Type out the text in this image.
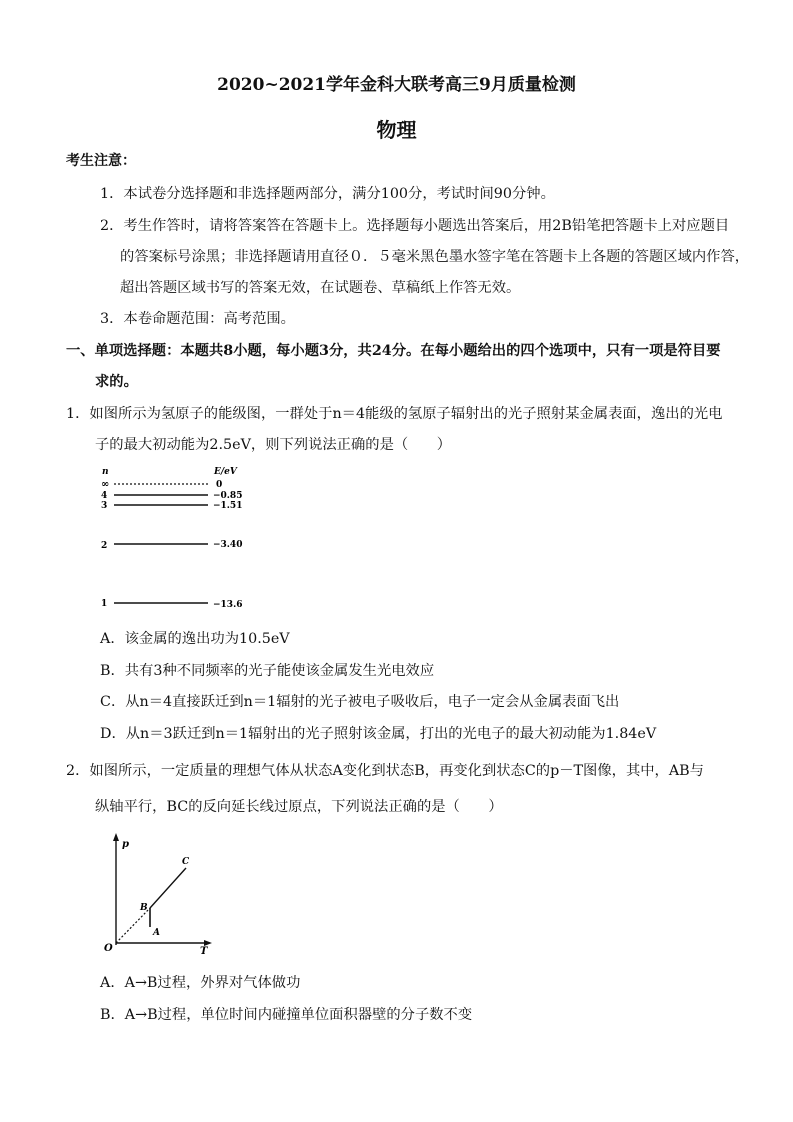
2020~2021学年金科大联考高三9月质量检测
物理
考生注意：
1．本试卷分选择题和非选择题两部分，满分100分，考试时间90分钟。
2．考生作答时，请将答案答在答题卡上。选择题每小题选出答案后，用2B铅笔把答题卡上对应题目
的答案标号涂黑；非选择题请用直径０．５毫米黑色墨水签字笔在答题卡上各题的答题区域内作答，
超出答题区域书写的答案无效，在试题卷、草稿纸上作答无效。
3．本卷命题范围：高考范围。
一、单项选择题：本题共8小题，每小题3分，共24分。在每小题给出的四个选项中，只有一项是符目要
求的。
1．如图所示为氢原子的能级图，一群处于n＝4能级的氢原子辐射出的光子照射某金属表面，逸出的光电
子的最大初动能为2.5eV，则下列说法正确的是（　　）
n	E/eV
∞	0
4	−0.85
3	−1.51
2	−3.40
1	−13.6
A．该金属的逸出功为10.5eV
B．共有3种不同频率的光子能使该金属发生光电效应
C．从n＝4直接跃迁到n＝1辐射的光子被电子吸收后，电子一定会从金属表面飞出
D．从n＝3跃迁到n＝1辐射出的光子照射该金属，打出的光电子的最大初动能为1.84eV
2．如图所示，一定质量的理想气体从状态A变化到状态B，再变化到状态C的p－T图像，其中，AB与
纵轴平行，BC的反向延长线过原点，下列说法正确的是（　　）
p
T
O
A
B
C
A．A→B过程，外界对气体做功
B．A→B过程，单位时间内碰撞单位面积器壁的分子数不变
